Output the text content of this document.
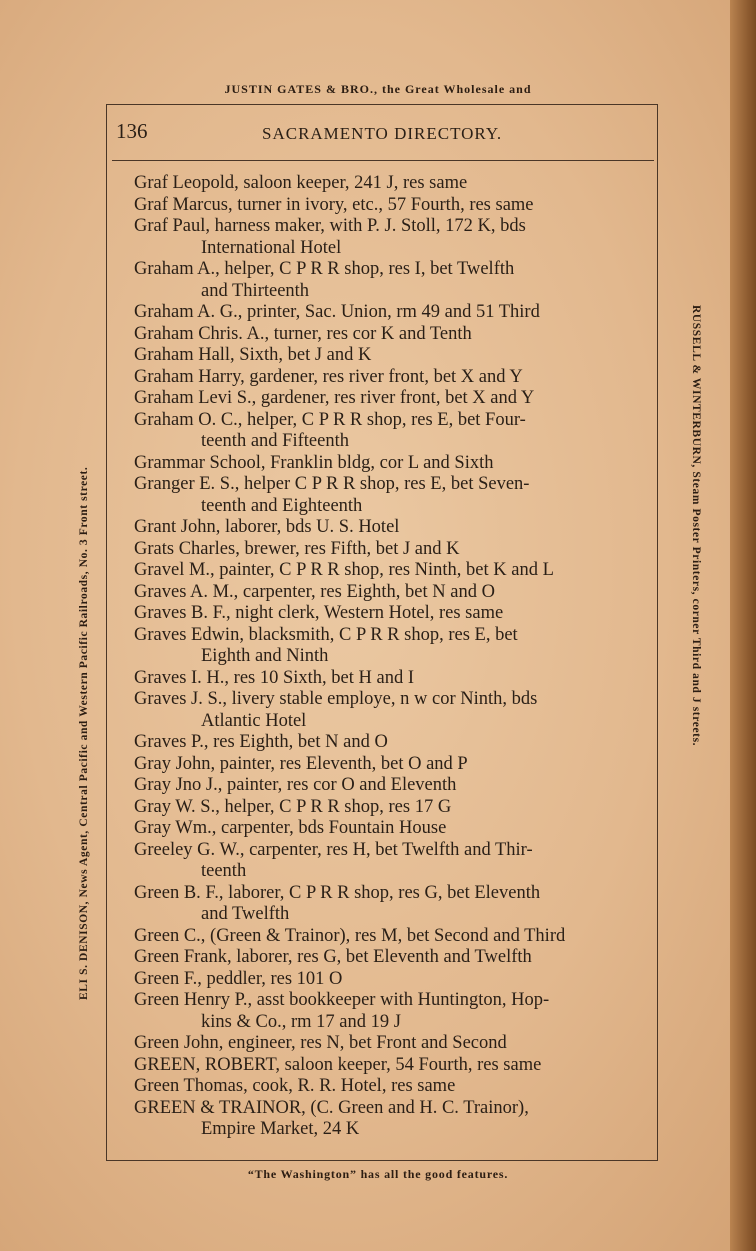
JUSTIN GATES & BRO., the Great Wholesale and
136	SACRAMENTO DIRECTORY.
ELI S. DENISON, News Agent, Central Pacific and Western Pacific Railroads, No. 3 Front street.	RUSSELL & WINTERBURN, Steam Poster Printers, corner Third and J streets.
Graf Leopold, saloon keeper, 241 J, res same
Graf Marcus, turner in ivory, etc., 57 Fourth, res same
Graf Paul, harness maker, with P. J. Stoll, 172 K, bds
International Hotel
Graham A., helper, C P R R shop, res I, bet Twelfth
and Thirteenth
Graham A. G., printer, Sac. Union, rm 49 and 51 Third
Graham Chris. A., turner, res cor K and Tenth
Graham Hall, Sixth, bet J and K
Graham Harry, gardener, res river front, bet X and Y
Graham Levi S., gardener, res river front, bet X and Y
Graham O. C., helper, C P R R shop, res E, bet Four-
teenth and Fifteenth
Grammar School, Franklin bldg, cor L and Sixth
Granger E. S., helper C P R R shop, res E, bet Seven-
teenth and Eighteenth
Grant John, laborer, bds U. S. Hotel
Grats Charles, brewer, res Fifth, bet J and K
Gravel M., painter, C P R R shop, res Ninth, bet K and L
Graves A. M., carpenter, res Eighth, bet N and O
Graves B. F., night clerk, Western Hotel, res same
Graves Edwin, blacksmith, C P R R shop, res E, bet
Eighth and Ninth
Graves I. H., res 10 Sixth, bet H and I
Graves J. S., livery stable employe, n w cor Ninth, bds
Atlantic Hotel
Graves P., res Eighth, bet N and O
Gray John, painter, res Eleventh, bet O and P
Gray Jno J., painter, res cor O and Eleventh
Gray W. S., helper, C P R R shop, res 17 G
Gray Wm., carpenter, bds Fountain House
Greeley G. W., carpenter, res H, bet Twelfth and Thir-
teenth
Green B. F., laborer, C P R R shop, res G, bet Eleventh
and Twelfth
Green C., (Green & Trainor), res M, bet Second and Third
Green Frank, laborer, res G, bet Eleventh and Twelfth
Green F., peddler, res 101 O
Green Henry P., asst bookkeeper with Huntington, Hop-
kins & Co., rm 17 and 19 J
Green John, engineer, res N, bet Front and Second
GREEN, ROBERT, saloon keeper, 54 Fourth, res same
Green Thomas, cook, R. R. Hotel, res same
GREEN & TRAINOR, (C. Green and H. C. Trainor),
Empire Market, 24 K
“The Washington” has all the good features.
